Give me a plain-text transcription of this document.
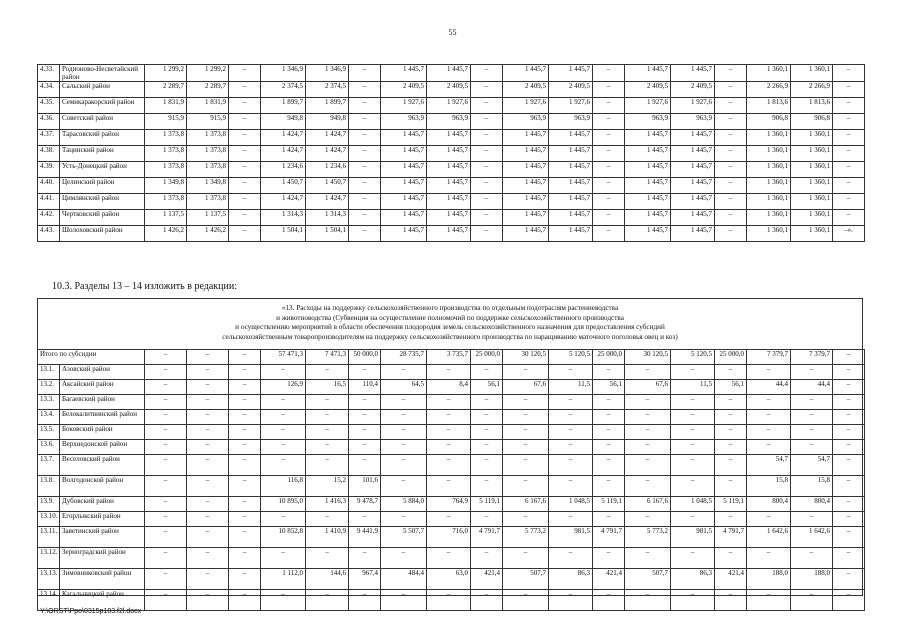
55
4.33.	Родионово-Несветайский район	1 299,2	1 299,2	–	1 346,9	1 346,9	–	1 445,7	1 445,7	–	1 445,7	1 445,7	–	1 445,7	1 445,7	–	1 360,1	1 360,1	–
4.34.	Сальский район	2 289,7	2 289,7	–	2 374,5	2 374,5	–	2 409,5	2 409,5	–	2 409,5	2 409,5	–	2 409,5	2 409,5	–	2 266,9	2 266,9	–
4.35.	Семикаракорский район	1 831,9	1 831,9	–	1 899,7	1 899,7	–	1 927,6	1 927,6	–	1 927,6	1 927,6	–	1 927,6	1 927,6	–	1 813,6	1 813,6	–
4.36.	Советский район	915,9	915,9	–	949,8	949,8	–	963,9	963,9	–	963,9	963,9	–	963,9	963,9	–	906,8	906,8	–
4.37.	Тарасовский район	1 373,8	1 373,8	–	1 424,7	1 424,7	–	1 445,7	1 445,7	–	1 445,7	1 445,7	–	1 445,7	1 445,7	–	1 360,1	1 360,1	–
4.38.	Тацинский район	1 373,8	1 373,8	–	1 424,7	1 424,7	–	1 445,7	1 445,7	–	1 445,7	1 445,7	–	1 445,7	1 445,7	–	1 360,1	1 360,1	–
4.39.	Усть-Донецкий район	1 373,8	1 373,8	–	1 234,6	1 234,6	–	1 445,7	1 445,7	–	1 445,7	1 445,7	–	1 445,7	1 445,7	–	1 360,1	1 360,1	–
4.40.	Целинский район	1 349,8	1 349,8	–	1 450,7	1 450,7	–	1 445,7	1 445,7	–	1 445,7	1 445,7	–	1 445,7	1 445,7	–	1 360,1	1 360,1	–
4.41.	Цимлянский район	1 373,8	1 373,8	–	1 424,7	1 424,7	–	1 445,7	1 445,7	–	1 445,7	1 445,7	–	1 445,7	1 445,7	–	1 360,1	1 360,1	–
4.42.	Чертковский район	1 137,5	1 137,5	–	1 314,3	1 314,3	–	1 445,7	1 445,7	–	1 445,7	1 445,7	–	1 445,7	1 445,7	–	1 360,1	1 360,1	–
4.43.	Шолоховский район	1 426,2	1 426,2	–	1 504,1	1 504,1	–	1 445,7	1 445,7	–	1 445,7	1 445,7	–	1 445,7	1 445,7	–	1 360,1	1 360,1	–».
10.3. Разделы 13 – 14 изложить в редакции:
«13. Расходы на поддержку сельскохозяйственного производства по отдельным подотраслям растениеводства
и животноводства (Субвенция на осуществление полномочий по поддержке сельскохозяйственного производства
и осуществлению мероприятий в области обеспечения плодородия земель сельскохозяйственного назначения для предоставления субсидий
сельскохозяйственным товаропроизводителям на поддержку сельскохозяйственного производства по наращиванию маточного поголовья овец и коз)
Итого по субсидии		–	–	–	57 471,3	7 471,3	50 000,0	28 735,7	3 735,7	25 000,0	30 120,5	5 120,5	25 000,0	30 120,5	5 120,5	25 000,0	7 379,7	7 379,7	–
13.1.	Азовский район	–	–	–	–	–	–	–	–	–	–	–	–	–	–	–	–	–	–
13.2.	Аксайский район	–	–	–	126,9	16,5	110,4	64,5	8,4	56,1	67,6	11,5	56,1	67,6	11,5	56,1	44,4	44,4	–
13.3.	Багаевский район	–	–	–	–	–	–	–	–	–	–	–	–	–	–	–	–	–	–
13.4.	Белокалитвинский район	–	–	–	–	–	–	–	–	–	–	–	–	–	–	–	–	–	–
13.5.	Боковский район	–	–	–	–	–	–	–	–	–	–	–	–	–	–	–	–	–	–
13.6.	Верхнедонской район	–	–	–	–	–	–	–	–	–	–	–	–	–	–	–	–	–	–
13.7.	Веселовский район	–	–	–	–	–	–	–	–	–	–	–	–	–	–	–	54,7	54,7	–
13.8.	Волгодонской район	–	–	–	116,8	15,2	101,6	–	–	–	–	–	–	–	–	–	15,8	15,8	–
13.9.	Дубовский район	–	–	–	10 895,0	1 416,3	9 478,7	5 884,0	764,9	5 119,1	6 167,6	1 048,5	5 119,1	6 167,6	1 048,5	5 119,1	800,4	800,4	–
13.10.	Егорлыкский район	–	–	–	–	–	–	–	–	–	–	–	–	–	–	–	–	–	–
13.11.	Заветинский район	–	–	–	10 852,8	1 410,9	9 441,9	5 507,7	716,0	4 791,7	5 773,2	981,5	4 791,7	5 773,2	981,5	4 791,7	1 642,6	1 642,6	–
13.12.	Зерноградский район	–	–	–	–	–	–	–	–	–	–	–	–	–	–	–	–	–	–
13.13.	Зимовниковский район	–	–	–	1 112,0	144,6	967,4	484,4	63,0	421,4	507,7	86,3	421,4	507,7	86,3	421,4	188,0	188,0	–
13.14.	Кагальницкий район	–	–	–	–	–	–	–	–	–	–	–	–	–	–	–	–	–	–
Y:\ORST\Ppo\0315p183.f2l.docx
